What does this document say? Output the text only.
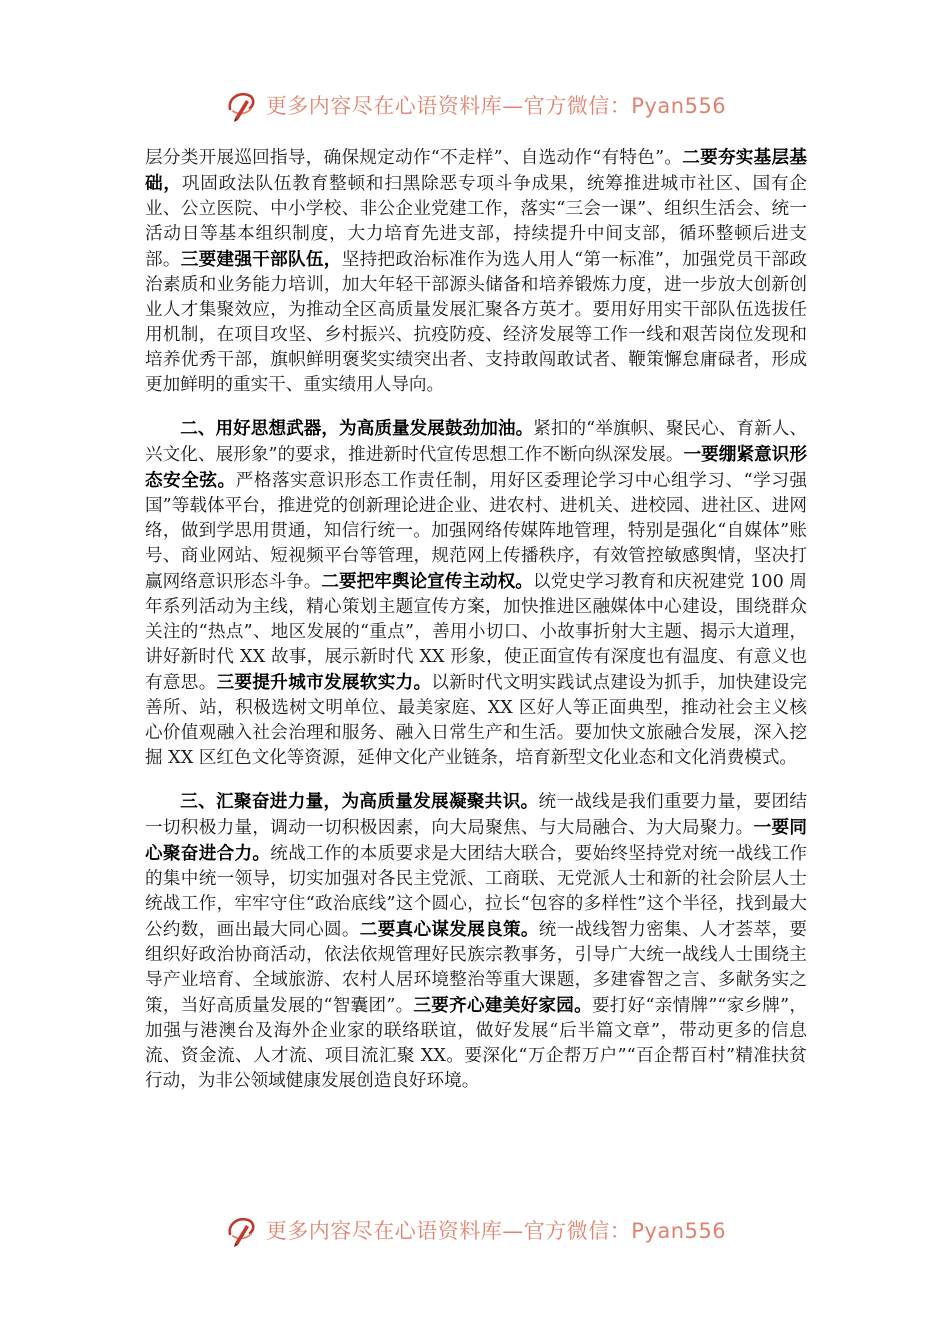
更多内容尽在心语资料库—官方微信：Pyan556

层分类开展巡回指导，确保规定动作“不走样”、自选动作“有特色”。二要夯实基层基础，巩固政法队伍教育整顿和扫黑除恶专项斗争成果，统筹推进城市社区、国有企业、公立医院、中小学校、非公企业党建工作，落实“三会一课”、组织生活会、统一活动日等基本组织制度，大力培育先进支部，持续提升中间支部，循环整顿后进支部。三要建强干部队伍，坚持把政治标准作为选人用人“第一标准”，加强党员干部政治素质和业务能力培训，加大年轻干部源头储备和培养锻炼力度，进一步放大创新创业人才集聚效应，为推动全区高质量发展汇聚各方英才。要用好用实干部队伍选拔任用机制，在项目攻坚、乡村振兴、抗疫防疫、经济发展等工作一线和艰苦岗位发现和培养优秀干部，旗帜鲜明褒奖实绩突出者、支持敢闯敢试者、鞭策懈怠庸碌者，形成更加鲜明的重实干、重实绩用人导向。

二、用好思想武器，为高质量发展鼓劲加油。紧扣的“举旗帜、聚民心、育新人、兴文化、展形象”的要求，推进新时代宣传思想工作不断向纵深发展。一要绷紧意识形态安全弦。严格落实意识形态工作责任制，用好区委理论学习中心组学习、“学习强国”等载体平台，推进党的创新理论进企业、进农村、进机关、进校园、进社区、进网络，做到学思用贯通，知信行统一。加强网络传媒阵地管理，特别是强化“自媒体”账号、商业网站、短视频平台等管理，规范网上传播秩序，有效管控敏感舆情，坚决打赢网络意识形态斗争。二要把牢舆论宣传主动权。以党史学习教育和庆祝建党 100 周年系列活动为主线，精心策划主题宣传方案，加快推进区融媒体中心建设，围绕群众关注的“热点”、地区发展的“重点”，善用小切口、小故事折射大主题、揭示大道理，讲好新时代 XX 故事，展示新时代 XX 形象，使正面宣传有深度也有温度、有意义也有意思。三要提升城市发展软实力。以新时代文明实践试点建设为抓手，加快建设完善所、站，积极选树文明单位、最美家庭、XX 区好人等正面典型，推动社会主义核心价值观融入社会治理和服务、融入日常生产和生活。要加快文旅融合发展，深入挖掘 XX 区红色文化等资源，延伸文化产业链条，培育新型文化业态和文化消费模式。

三、汇聚奋进力量，为高质量发展凝聚共识。统一战线是我们重要力量，要团结一切积极力量，调动一切积极因素，向大局聚焦、与大局融合、为大局聚力。一要同心聚奋进合力。统战工作的本质要求是大团结大联合，要始终坚持党对统一战线工作的集中统一领导，切实加强对各民主党派、工商联、无党派人士和新的社会阶层人士统战工作，牢牢守住“政治底线”这个圆心，拉长“包容的多样性”这个半径，找到最大公约数，画出最大同心圆。二要真心谋发展良策。统一战线智力密集、人才荟萃，要组织好政治协商活动，依法依规管理好民族宗教事务，引导广大统一战线人士围绕主导产业培育、全域旅游、农村人居环境整治等重大课题，多建睿智之言、多献务实之策，当好高质量发展的“智囊团”。三要齐心建美好家园。要打好“亲情牌”“家乡牌”，加强与港澳台及海外企业家的联络联谊，做好发展“后半篇文章”，带动更多的信息流、资金流、人才流、项目流汇聚 XX。要深化“万企帮万户”“百企帮百村”精准扶贫行动，为非公领域健康发展创造良好环境。

更多内容尽在心语资料库—官方微信：Pyan556
